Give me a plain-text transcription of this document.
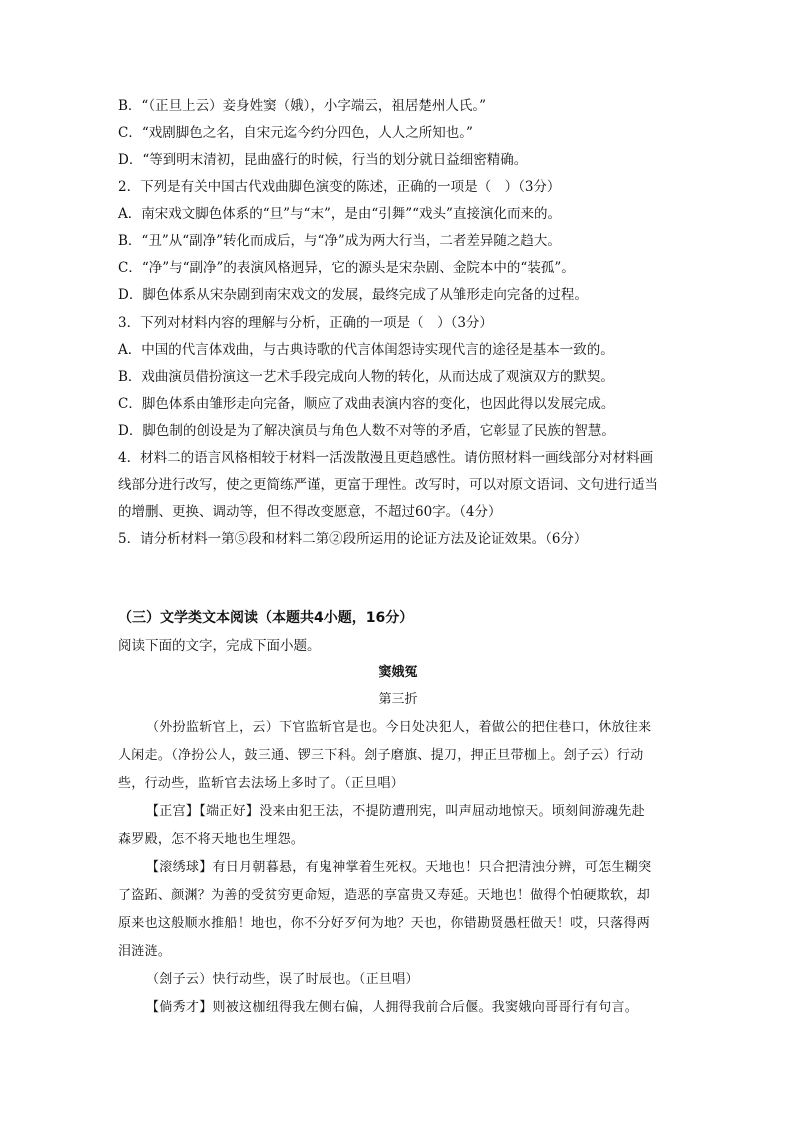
B．“（正旦上云）妾身姓窦（娥），小字端云，祖居楚州人氏。”
C．“戏剧脚色之名，自宋元迄今约分四色，人人之所知也。”
D．“等到明末清初，昆曲盛行的时候，行当的划分就日益细密精确。
2．下列是有关中国古代戏曲脚色演变的陈述，正确的一项是（　）（3分）
A．南宋戏文脚色体系的“旦”与“末”，是由“引舞”“戏头”直接演化而来的。
B．“丑”从“副净”转化而成后，与“净”成为两大行当，二者差异随之趋大。
C．“净”与“副净”的表演风格迥异，它的源头是宋杂剧、金院本中的“装孤”。
D．脚色体系从宋杂剧到南宋戏文的发展，最终完成了从雏形走向完备的过程。
3．下列对材料内容的理解与分析，正确的一项是（　）（3分）
A．中国的代言体戏曲，与古典诗歌的代言体闺怨诗实现代言的途径是基本一致的。
B．戏曲演员借扮演这一艺术手段完成向人物的转化，从而达成了观演双方的默契。
C．脚色体系由雏形走向完备，顺应了戏曲表演内容的变化，也因此得以发展完成。
D．脚色制的创设是为了解决演员与角色人数不对等的矛盾，它彰显了民族的智慧。
4．材料二的语言风格相较于材料一活泼散漫且更趋感性。请仿照材料一画线部分对材料画
线部分进行改写，使之更简练严谨，更富于理性。改写时，可以对原文语词、文句进行适当
的增删、更换、调动等，但不得改变愿意，不超过60字。（4分）
5．请分析材料一第⑤段和材料二第②段所运用的论证方法及论证效果。（6分）
（三）文学类文本阅读（本题共4小题，16分）
阅读下面的文字，完成下面小题。
窦娥冤
第三折
（外扮监斩官上，云）下官监斩官是也。今日处决犯人，着做公的把住巷口，休放往来
人闲走。（净扮公人，鼓三通、锣三下科。刽子磨旗、提刀，押正旦带枷上。刽子云）行动
些，行动些，监斩官去法场上多时了。（正旦唱）
【正宫】【端正好】没来由犯王法，不提防遭刑宪，叫声屈动地惊天。顷刻间游魂先赴
森罗殿，怎不将天地也生埋怨。
【滚绣球】有日月朝暮悬，有鬼神掌着生死权。天地也！只合把清浊分辨，可怎生糊突
了盗跖、颜渊？为善的受贫穷更命短，造恶的享富贵又寿延。天地也！做得个怕硬欺软，却
原来也这般顺水推船！地也，你不分好歹何为地？天也，你错勘贤愚枉做天！哎，只落得两
泪涟涟。
（刽子云）快行动些，误了时辰也。（正旦唱）
【倘秀才】则被这枷纽得我左侧右偏，人拥得我前合后偃。我窦娥向哥哥行有句言。
